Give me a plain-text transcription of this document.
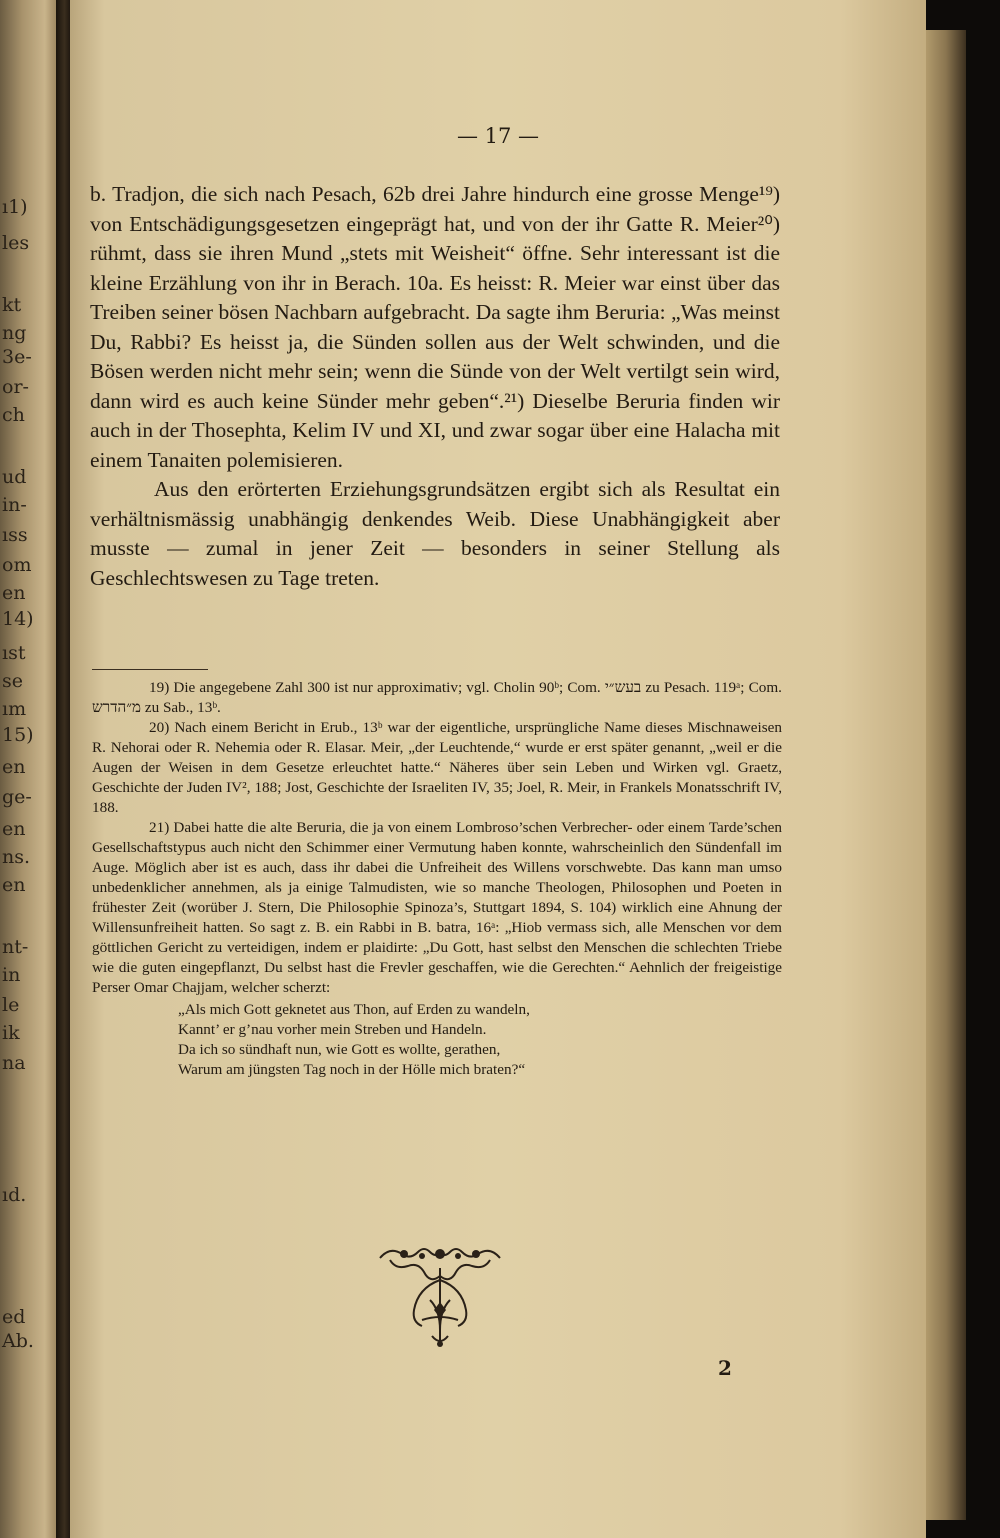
ı1)
les
kt
ng
3e-
or-
ch
ud
in-
ıss
om
en
14)
ıst
se
ım
15)
en
ge-
en
ns.
en
nt-
in
le
ik
na
ıd.
ed
Ab.
— 17 —

b. Tradjon, die sich nach Pesach, 62b drei Jahre hindurch eine grosse Menge¹⁹) von Entschädigungsgesetzen eingeprägt hat, und von der ihr Gatte R. Meier²⁰) rühmt, dass sie ihren Mund „stets mit Weisheit“ öffne. Sehr interessant ist die kleine Erzählung von ihr in Berach. 10a. Es heisst: R. Meier war einst über das Treiben seiner bösen Nachbarn aufgebracht. Da sagte ihm Beruria: „Was meinst Du, Rabbi? Es heisst ja, die Sünden sollen aus der Welt schwinden, und die Bösen werden nicht mehr sein; wenn die Sünde von der Welt vertilgt sein wird, dann wird es auch keine Sünder mehr geben“.²¹) Dieselbe Beruria finden wir auch in der Thosephta, Kelim IV und XI, und zwar sogar über eine Halacha mit einem Tanaiten polemisieren.

Aus den erörterten Erziehungsgrundsätzen ergibt sich als Resultat ein verhältnismässig unabhängig denkendes Weib. Diese Unabhängigkeit aber musste — zumal in jener Zeit — besonders in seiner Stellung als Geschlechtswesen zu Tage treten.

19) Die angegebene Zahl 300 ist nur approximativ; vgl. Cholin 90ᵇ; Com. בעש״י zu Pesach. 119ᵃ; Com. מ״הדרש zu Sab., 13ᵇ.

20) Nach einem Bericht in Erub., 13ᵇ war der eigentliche, ursprüngliche Name dieses Mischnaweisen R. Nehorai oder R. Nehemia oder R. Elasar. Meir, „der Leuchtende,“ wurde er erst später genannt, „weil er die Augen der Weisen in dem Gesetze erleuchtet hatte.“ Näheres über sein Leben und Wirken vgl. Graetz, Geschichte der Juden IV², 188; Jost, Geschichte der Israeliten IV, 35; Joel, R. Meir, in Frankels Monatsschrift IV, 188.

21) Dabei hatte die alte Beruria, die ja von einem Lombroso’schen Verbrecher- oder einem Tarde’schen Gesellschaftstypus auch nicht den Schimmer einer Vermutung haben konnte, wahrscheinlich den Sündenfall im Auge. Möglich aber ist es auch, dass ihr dabei die Unfreiheit des Willens vorschwebte. Das kann man umso unbedenklicher annehmen, als ja einige Talmudisten, wie so manche Theologen, Philosophen und Poeten in frühester Zeit (worüber J. Stern, Die Philosophie Spinoza’s, Stuttgart 1894, S. 104) wirklich eine Ahnung der Willensunfreiheit hatten. So sagt z. B. ein Rabbi in B. batra, 16ᵃ: „Hiob vermass sich, alle Menschen vor dem göttlichen Gericht zu verteidigen, indem er plaidirte: „Du Gott, hast selbst den Menschen die schlechten Triebe wie die guten eingepflanzt, Du selbst hast die Frevler geschaffen, wie die Gerechten.“ Aehnlich der freigeistige Perser Omar Chajjam, welcher scherzt:

„Als mich Gott geknetet aus Thon, auf Erden zu wandeln,
Kannt’ er g’nau vorher mein Streben und Handeln.
Da ich so sündhaft nun, wie Gott es wollte, gerathen,
Warum am jüngsten Tag noch in der Hölle mich braten?“
2
